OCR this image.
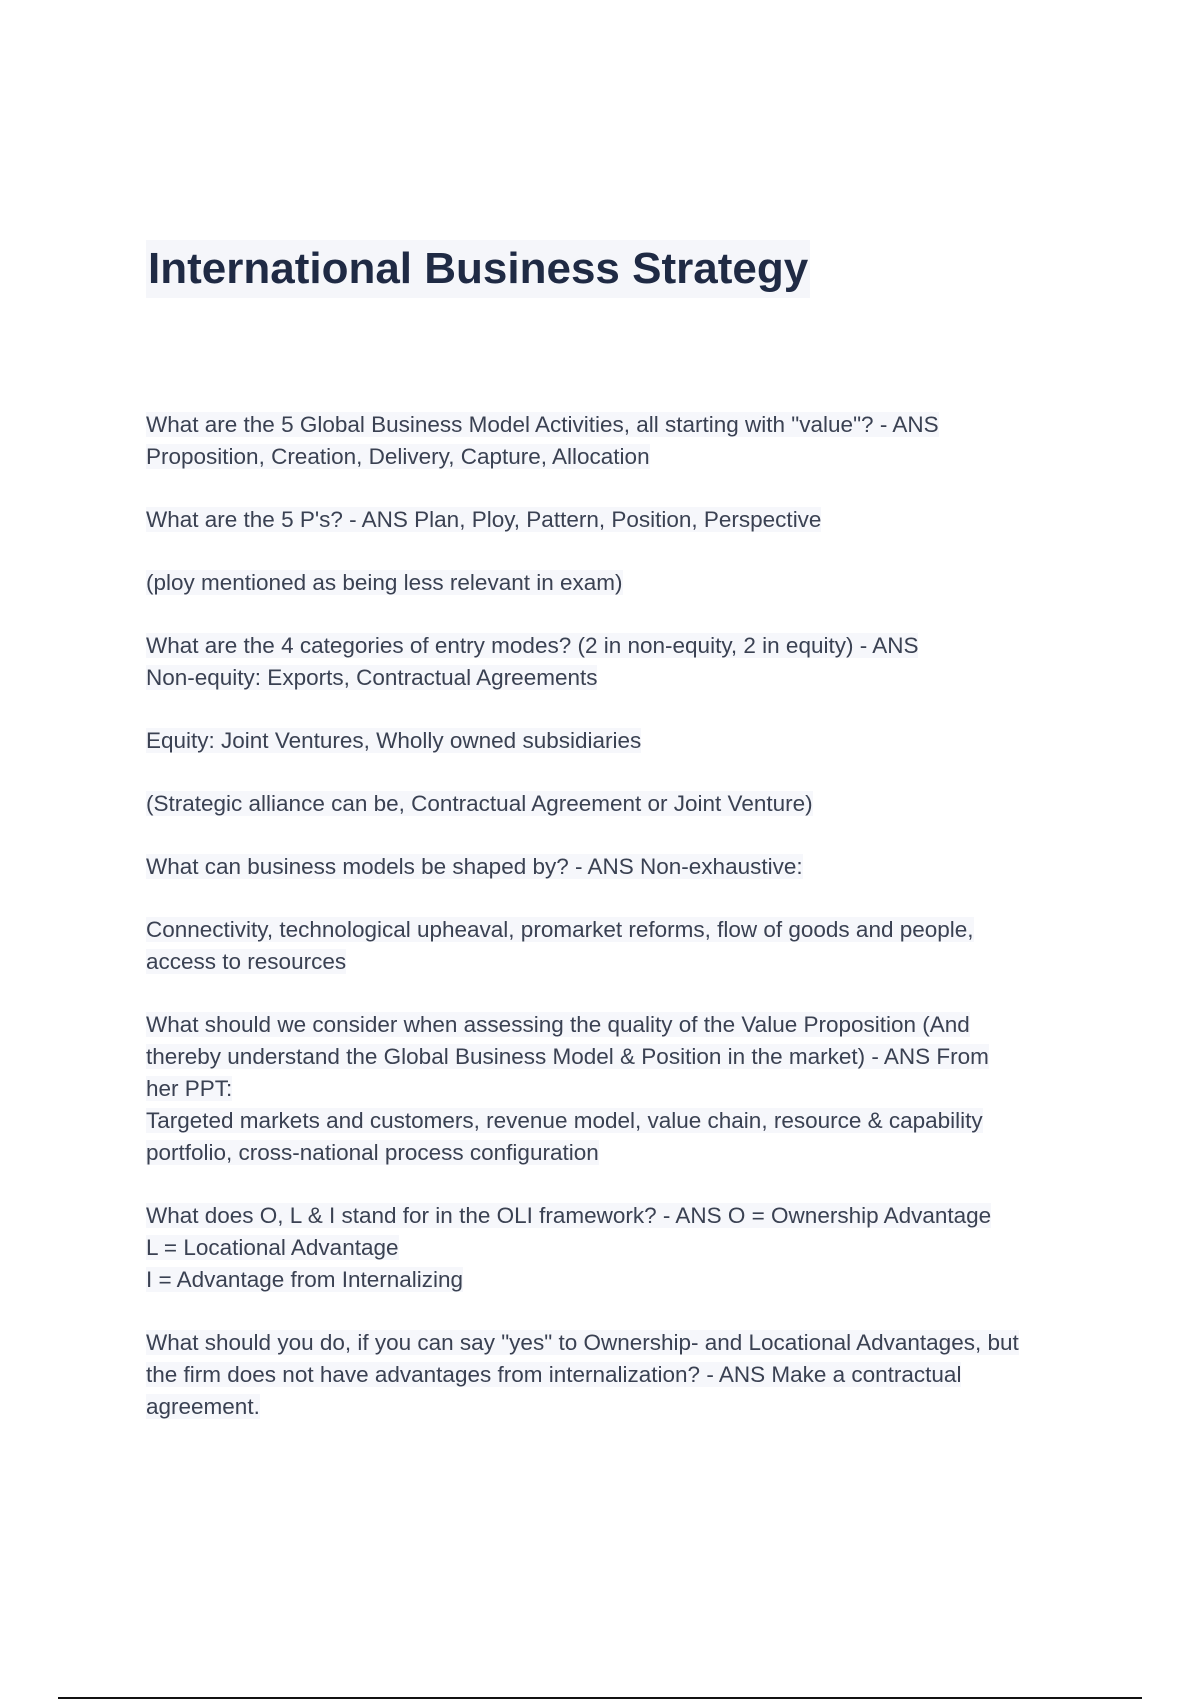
International Business Strategy

What are the 5 Global Business Model Activities, all starting with "value"? - ANS
Proposition, Creation, Delivery, Capture, Allocation

What are the 5 P's? - ANS Plan, Ploy, Pattern, Position, Perspective

(ploy mentioned as being less relevant in exam)

What are the 4 categories of entry modes? (2 in non-equity, 2 in equity) - ANS
Non-equity: Exports, Contractual Agreements

Equity: Joint Ventures, Wholly owned subsidiaries

(Strategic alliance can be, Contractual Agreement or Joint Venture)

What can business models be shaped by? - ANS Non-exhaustive:

Connectivity, technological upheaval, promarket reforms, flow of goods and people,
access to resources

What should we consider when assessing the quality of the Value Proposition (And
thereby understand the Global Business Model & Position in the market) - ANS From
her PPT:
Targeted markets and customers, revenue model, value chain, resource & capability
portfolio, cross-national process configuration

What does O, L & I stand for in the OLI framework? - ANS O = Ownership Advantage
L = Locational Advantage
I = Advantage from Internalizing

What should you do, if you can say "yes" to Ownership- and Locational Advantages, but
the firm does not have advantages from internalization? - ANS Make a contractual
agreement.
